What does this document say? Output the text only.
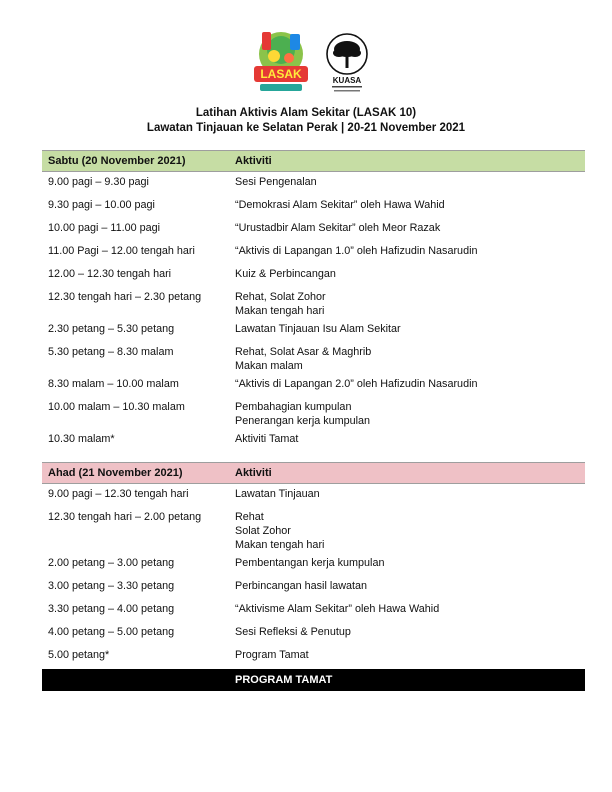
LASAK	KUASA
Latihan Aktivis Alam Sekitar (LASAK 10)
Lawatan Tinjauan ke Selatan Perak | 20-21 November 2021
Sabtu (20 November 2021)	Aktiviti
9.00 pagi – 9.30 pagi	Sesi Pengenalan
9.30 pagi – 10.00 pagi	“Demokrasi Alam Sekitar” oleh Hawa Wahid
10.00 pagi – 11.00 pagi	“Urustadbir Alam Sekitar” oleh Meor Razak
11.00 Pagi – 12.00 tengah hari	“Aktivis di Lapangan 1.0” oleh Hafizudin Nasarudin
12.00 – 12.30 tengah hari	Kuiz & Perbincangan
12.30 tengah hari – 2.30 petang	Rehat, Solat Zohor
Makan tengah hari
2.30 petang – 5.30 petang	Lawatan Tinjauan Isu Alam Sekitar
5.30 petang – 8.30 malam	Rehat, Solat Asar & Maghrib
Makan malam
8.30 malam – 10.00 malam	“Aktivis di Lapangan 2.0” oleh Hafizudin Nasarudin
10.00 malam – 10.30 malam	Pembahagian kumpulan
Penerangan kerja kumpulan
10.30 malam*	Aktiviti Tamat
Ahad (21 November 2021)	Aktiviti
9.00 pagi – 12.30 tengah hari	Lawatan Tinjauan
12.30 tengah hari – 2.00 petang	Rehat
Solat Zohor
Makan tengah hari
2.00 petang – 3.00 petang	Pembentangan kerja kumpulan
3.00 petang – 3.30 petang	Perbincangan hasil lawatan
3.30 petang – 4.00 petang	“Aktivisme Alam Sekitar” oleh Hawa Wahid
4.00 petang – 5.00 petang	Sesi Refleksi & Penutup
5.00 petang*	Program Tamat
PROGRAM TAMAT
